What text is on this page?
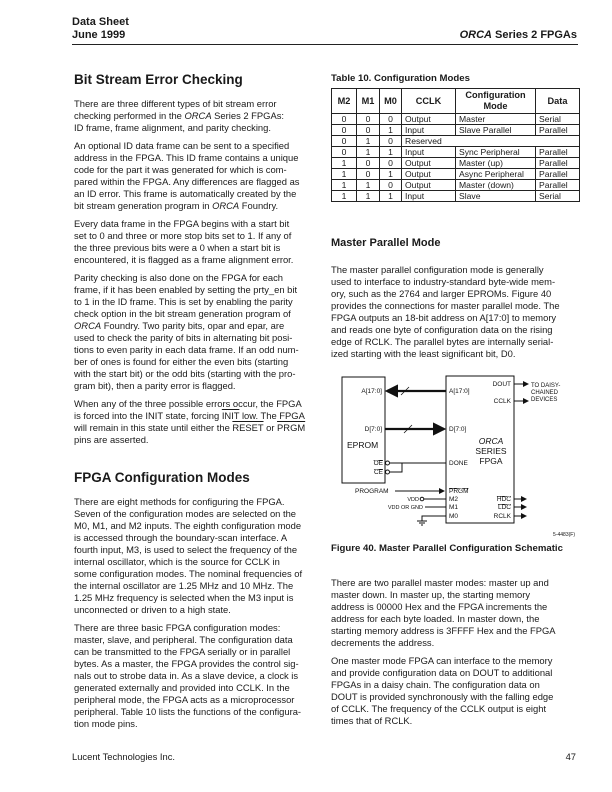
Data Sheet
June 1999	ORCA Series 2 FPGAs
Bit Stream Error Checking

There are three different types of bit stream error
checking performed in the ORCA Series 2 FPGAs:
ID frame, frame alignment, and parity checking.

An optional ID data frame can be sent to a specified
address in the FPGA. This ID frame contains a unique
code for the part it was generated for which is com-
pared within the FPGA. Any differences are flagged as
an ID error. This frame is automatically created by the
bit stream generation program in ORCA Foundry.

Every data frame in the FPGA begins with a start bit
set to 0 and three or more stop bits set to 1. If any of
the three previous bits were a 0 when a start bit is
encountered, it is flagged as a frame alignment error.

Parity checking is also done on the FPGA for each
frame, if it has been enabled by setting the prty_en bit
to 1 in the ID frame. This is set by enabling the parity
check option in the bit stream generation program of
ORCA Foundry. Two parity bits, opar and epar, are
used to check the parity of bits in alternating bit posi-
tions to even parity in each data frame. If an odd num-
ber of ones is found for either the even bits (starting
with the start bit) or the odd bits (starting with the pro-
gram bit), then a parity error is flagged.

When any of the three possible errors occur, the FPGA
is forced into the INIT state, forcing INIT low. The FPGA
will remain in this state until either the RESET or PRGM
pins are asserted.

FPGA Configuration Modes

There are eight methods for configuring the FPGA.
Seven of the configuration modes are selected on the
M0, M1, and M2 inputs. The eighth configuration mode
is accessed through the boundary-scan interface. A
fourth input, M3, is used to select the frequency of the
internal oscillator, which is the source for CCLK in
some configuration modes. The nominal frequencies of
the internal oscillator are 1.25 MHz and 10 MHz. The
1.25 MHz frequency is selected when the M3 input is
unconnected or driven to a high state.

There are three basic FPGA configuration modes:
master, slave, and peripheral. The configuration data
can be transmitted to the FPGA serially or in parallel
bytes. As a master, the FPGA provides the control sig-
nals out to strobe data in. As a slave device, a clock is
generated externally and provided into CCLK. In the
peripheral mode, the FPGA acts as a microprocessor
peripheral. Table 10 lists the functions of the configura-
tion mode pins.

Table 10. Configuration Modes
M2	M1	M0	CCLK	Configuration Mode	Data
0	0	0	Output	Master	Serial
0	0	1	Input	Slave Parallel	Parallel
0	1	0	Reserved		
0	1	1	Input	Sync Peripheral	Parallel
1	0	0	Output	Master (up)	Parallel
1	0	1	Output	Async Peripheral	Parallel
1	1	0	Output	Master (down)	Parallel
1	1	1	Input	Slave	Serial
Master Parallel Mode

The master parallel configuration mode is generally
used to interface to industry-standard byte-wide mem-
ory, such as the 2764 and larger EPROMs. Figure 40
provides the connections for master parallel mode. The
FPGA outputs an 18-bit address on A[17:0] to memory
and reads one byte of configuration data on the rising
edge of RCLK. The parallel bytes are internally serial-
ized starting with the least significant bit, D0.

A[17:0]
D[7:0]
EPROM
OE
CE
A[17:0]
D[7:0]
DONE
ORCA
SERIES
FPGA
PRGM
M2
M1
M0
DOUT
CCLK
HDC
LDC
RCLK
TO DAISY-
CHAINED
DEVICES
PROGRAM
VDD
VDD OR GND
5-4483(F)
Figure 40. Master Parallel Configuration Schematic

There are two parallel master modes: master up and
master down. In master up, the starting memory
address is 00000 Hex and the FPGA increments the
address for each byte loaded. In master down, the
starting memory address is 3FFFF Hex and the FPGA
decrements the address.

One master mode FPGA can interface to the memory
and provide configuration data on DOUT to additional
FPGAs in a daisy chain. The configuration data on
DOUT is provided synchronously with the falling edge
of CCLK. The frequency of the CCLK output is eight
times that of RCLK.

Lucent Technologies Inc.	47
